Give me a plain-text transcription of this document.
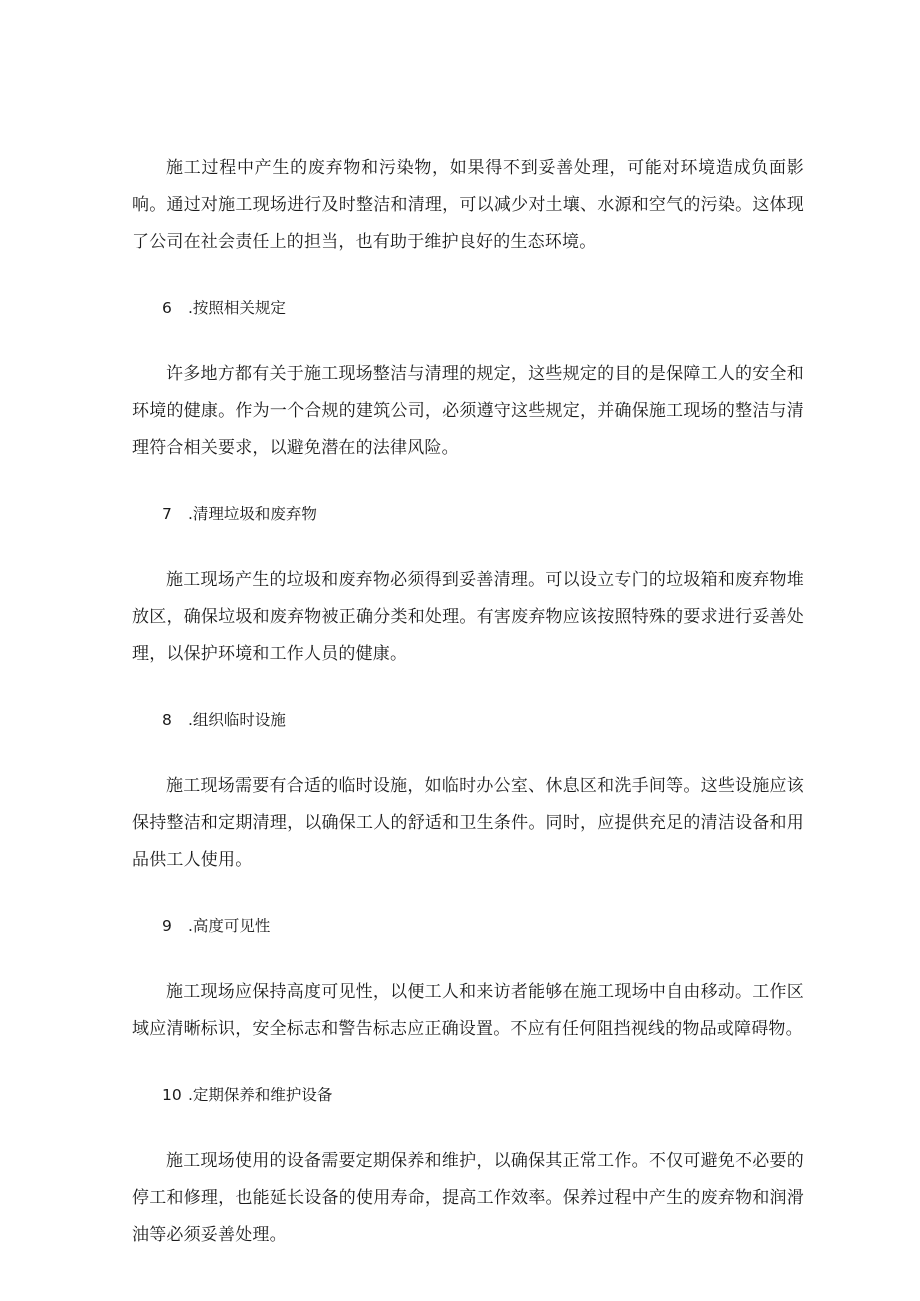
施工过程中产生的废弃物和污染物，如果得不到妥善处理，可能对环境造成负面影响。通过对施工现场进行及时整洁和清理，可以减少对土壤、水源和空气的污染。这体现了公司在社会责任上的担当，也有助于维护良好的生态环境。

6	.按照相关规定

许多地方都有关于施工现场整洁与清理的规定，这些规定的目的是保障工人的安全和环境的健康。作为一个合规的建筑公司，必须遵守这些规定，并确保施工现场的整洁与清理符合相关要求，以避免潜在的法律风险。

7	.清理垃圾和废弃物

施工现场产生的垃圾和废弃物必须得到妥善清理。可以设立专门的垃圾箱和废弃物堆放区，确保垃圾和废弃物被正确分类和处理。有害废弃物应该按照特殊的要求进行妥善处理，以保护环境和工作人员的健康。

8	.组织临时设施

施工现场需要有合适的临时设施，如临时办公室、休息区和洗手间等。这些设施应该保持整洁和定期清理，以确保工人的舒适和卫生条件。同时，应提供充足的清洁设备和用品供工人使用。

9	.高度可见性

施工现场应保持高度可见性，以便工人和来访者能够在施工现场中自由移动。工作区域应清晰标识，安全标志和警告标志应正确设置。不应有任何阻挡视线的物品或障碍物。

10 .定期保养和维护设备

施工现场使用的设备需要定期保养和维护，以确保其正常工作。不仅可避免不必要的停工和修理，也能延长设备的使用寿命，提高工作效率。保养过程中产生的废弃物和润滑油等必须妥善处理。
